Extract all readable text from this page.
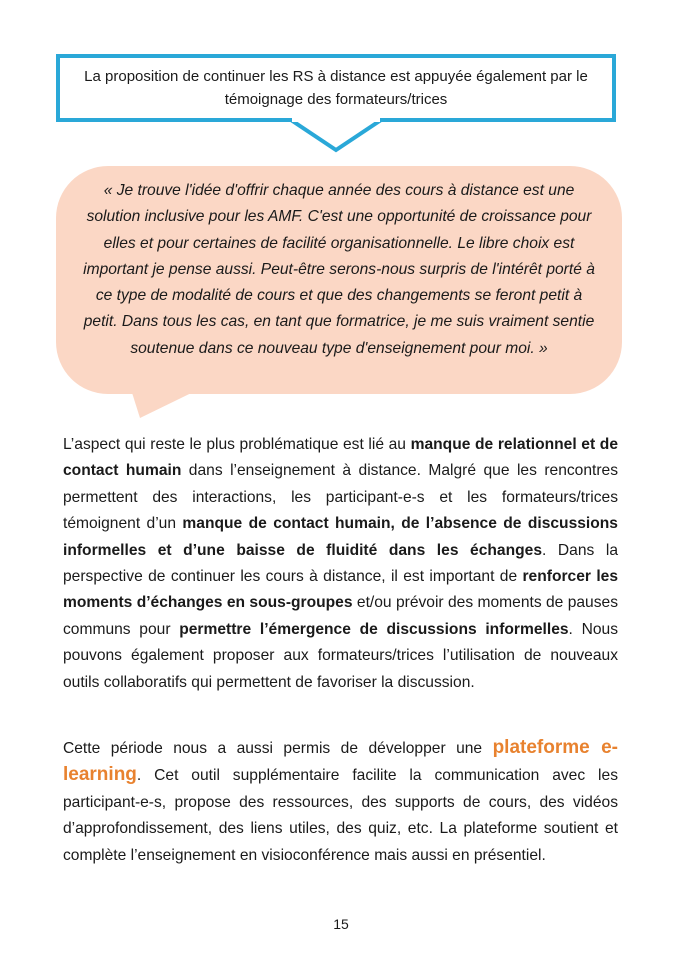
La proposition de continuer les RS à distance est appuyée également par le témoignage des formateurs/trices
« Je trouve l'idée d'offrir chaque année des cours à distance est une solution inclusive pour les AMF. C'est une opportunité de croissance pour elles et pour certaines de facilité organisationnelle. Le libre choix est important je pense aussi. Peut-être serons-nous surpris de l'intérêt porté à ce type de modalité de cours et que des changements se feront petit à petit. Dans tous les cas, en tant que formatrice, je me suis vraiment sentie soutenue dans ce nouveau type d'enseignement pour moi. »

L’aspect qui reste le plus problématique est lié au manque de relationnel et de contact humain dans l’enseignement à distance. Malgré que les rencontres permettent des interactions, les participant-e-s et les formateurs/trices témoignent d’un manque de contact humain, de l’absence de discussions informelles et d’une baisse de fluidité dans les échanges. Dans la perspective de continuer les cours à distance, il est important de renforcer les moments d’échanges en sous-groupes et/ou prévoir des moments de pauses communs pour permettre l’émergence de discussions informelles. Nous pouvons également proposer aux formateurs/trices l’utilisation de nouveaux outils collaboratifs qui permettent de favoriser la discussion.

Cette période nous a aussi permis de développer une plateforme e-learning. Cet outil supplémentaire facilite la communication avec les participant-e-s, propose des ressources, des supports de cours, des vidéos d’approfondissement, des liens utiles, des quiz, etc. La plateforme soutient et complète l’enseignement en visioconférence mais aussi en présentiel.

15
